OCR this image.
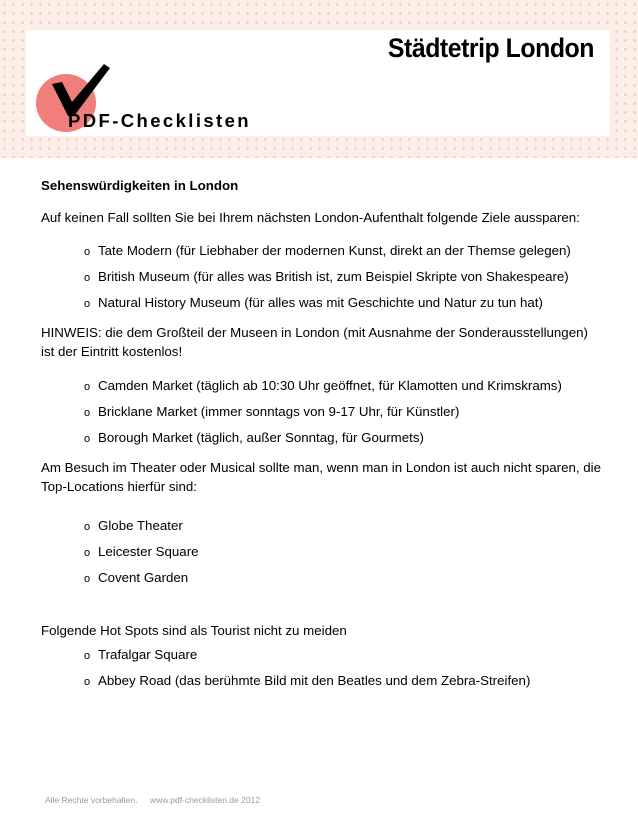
Städtetrip London
PDF-Checklisten

Sehenswürdigkeiten in London

Auf keinen Fall sollten Sie bei Ihrem nächsten London-Aufenthalt folgende Ziele aussparen:

o Tate Modern (für Liebhaber der modernen Kunst, direkt an der Themse gelegen)
o British Museum (für alles was British ist, zum Beispiel Skripte von Shakespeare)
o Natural History Museum (für alles was mit Geschichte und Natur zu tun hat)

HINWEIS: die dem Großteil der Museen in London (mit Ausnahme der Sonderausstellungen) ist der Eintritt kostenlos!

o Camden Market (täglich ab 10:30 Uhr geöffnet, für Klamotten und Krimskrams)
o Bricklane Market (immer sonntags von 9-17 Uhr, für Künstler)
o Borough Market (täglich, außer Sonntag, für Gourmets)

Am Besuch im Theater oder Musical sollte man, wenn man in London ist auch nicht sparen, die Top-Locations hierfür sind:

o Globe Theater
o Leicester Square
o Covent Garden

Folgende Hot Spots sind als Tourist nicht zu meiden

o Trafalgar Square
o Abbey Road (das berühmte Bild mit den Beatles und dem Zebra-Streifen)
Alle Rechte vorbehalten. www.pdf-checklisten.de 2012
